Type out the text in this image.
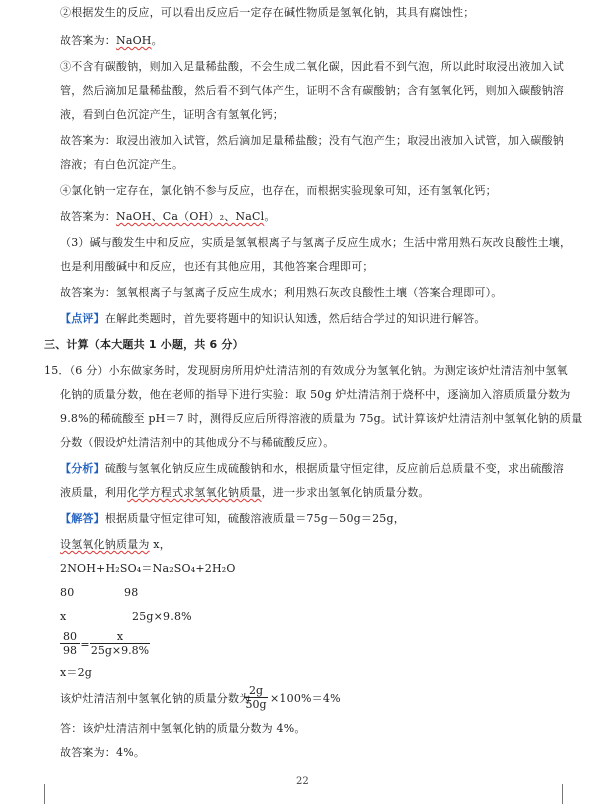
②根据发生的反应，可以看出反应后一定存在碱性物质是氢氧化钠，其具有腐蚀性；
故答案为：NaOH。
③不含有碳酸钠，则加入足量稀盐酸，不会生成二氧化碳，因此看不到气泡，所以此时取浸出液加入试
管，然后滴加足量稀盐酸，然后看不到气体产生，证明不含有碳酸钠；含有氢氧化钙，则加入碳酸钠溶
液，看到白色沉淀产生，证明含有氢氧化钙；
故答案为：取浸出液加入试管，然后滴加足量稀盐酸；没有气泡产生；取浸出液加入试管，加入碳酸钠
溶液；有白色沉淀产生。
④氯化钠一定存在，氯化钠不参与反应，也存在，而根据实验现象可知，还有氢氧化钙；
故答案为：NaOH、Ca（OH）₂、NaCl。
（3）碱与酸发生中和反应，实质是氢氧根离子与氢离子反应生成水；生活中常用熟石灰改良酸性土壤，
也是利用酸碱中和反应，也还有其他应用，其他答案合理即可；
故答案为：氢氧根离子与氢离子反应生成水；利用熟石灰改良酸性土壤（答案合理即可）。
【点评】在解此类题时，首先要将题中的知识认知透，然后结合学过的知识进行解答。
三、计算（本大题共 1 小题，共 6 分）
15．（6 分）小东做家务时，发现厨房所用炉灶清洁剂的有效成分为氢氧化钠。为测定该炉灶清洁剂中氢氧
化钠的质量分数，他在老师的指导下进行实验：取 50g 炉灶清洁剂于烧杯中，逐滴加入溶质质量分数为
9.8%的稀硫酸至 pH＝7 时，测得反应后所得溶液的质量为 75g。试计算该炉灶清洁剂中氢氧化钠的质量
分数（假设炉灶清洁剂中的其他成分不与稀硫酸反应）。
【分析】硫酸与氢氧化钠反应生成硫酸钠和水，根据质量守恒定律，反应前后总质量不变，求出硫酸溶
液质量，利用化学方程式求氢氧化钠质量，进一步求出氢氧化钠质量分数。
【解答】根据质量守恒定律可知，硫酸溶液质量＝75g－50g＝25g，
设氢氧化钠质量为 x，
2NOH+H₂SO₄＝Na₂SO₄+2H₂O
80	98
x	25g×9.8%
$\frac{80}{98} = \frac{x}{25g\times 9.8\%}$
x＝2g
该炉灶清洁剂中氢氧化钠的质量分数为
$\frac{2g}{50g} \times 100\%=4\%$
答：该炉灶清洁剂中氢氧化钠的质量分数为 4%。
故答案为：4%。
22
